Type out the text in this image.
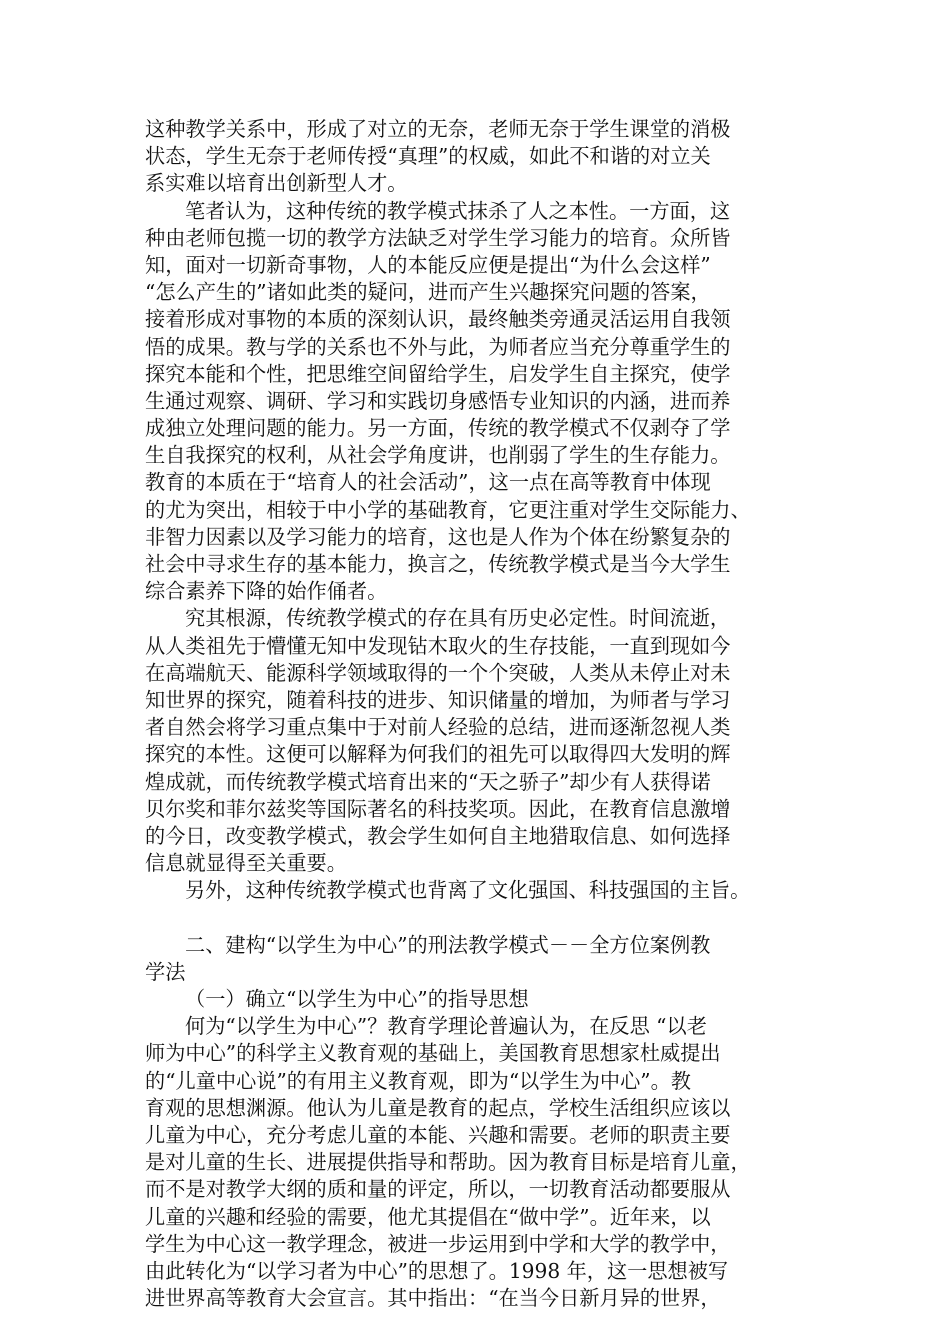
这种教学关系中，形成了对立的无奈，老师无奈于学生课堂的消极
状态，学生无奈于老师传授“真理”的权威，如此不和谐的对立关
系实难以培育出创新型人才。
笔者认为，这种传统的教学模式抹杀了人之本性。一方面，这
种由老师包揽一切的教学方法缺乏对学生学习能力的培育。众所皆
知，面对一切新奇事物，人的本能反应便是提出“为什么会这样”
“怎么产生的”诸如此类的疑问，进而产生兴趣探究问题的答案，
接着形成对事物的本质的深刻认识，最终触类旁通灵活运用自我领
悟的成果。教与学的关系也不外与此，为师者应当充分尊重学生的
探究本能和个性，把思维空间留给学生，启发学生自主探究，使学
生通过观察、调研、学习和实践切身感悟专业知识的内涵，进而养
成独立处理问题的能力。另一方面，传统的教学模式不仅剥夺了学
生自我探究的权利，从社会学角度讲，也削弱了学生的生存能力。
教育的本质在于“培育人的社会活动”，这一点在高等教育中体现
的尤为突出，相较于中小学的基础教育，它更注重对学生交际能力、
非智力因素以及学习能力的培育，这也是人作为个体在纷繁复杂的
社会中寻求生存的基本能力，换言之，传统教学模式是当今大学生
综合素养下降的始作俑者。
究其根源，传统教学模式的存在具有历史必定性。时间流逝，
从人类祖先于懵懂无知中发现钻木取火的生存技能，一直到现如今
在高端航天、能源科学领域取得的一个个突破，人类从未停止对未
知世界的探究，随着科技的进步、知识储量的增加，为师者与学习
者自然会将学习重点集中于对前人经验的总结，进而逐渐忽视人类
探究的本性。这便可以解释为何我们的祖先可以取得四大发明的辉
煌成就，而传统教学模式培育出来的“天之骄子”却少有人获得诺
贝尔奖和菲尔兹奖等国际著名的科技奖项。因此，在教育信息激增
的今日，改变教学模式，教会学生如何自主地猎取信息、如何选择
信息就显得至关重要。
另外，这种传统教学模式也背离了文化强国、科技强国的主旨。
二、建构“以学生为中心”的刑法教学模式－－全方位案例教
学法
（一）确立“以学生为中心”的指导思想
何为“以学生为中心”？教育学理论普遍认为，在反思 “以老
师为中心”的科学主义教育观的基础上，美国教育思想家杜威提出
的“儿童中心说”的有用主义教育观，即为“以学生为中心”。教
育观的思想渊源。他认为儿童是教育的起点，学校生活组织应该以
儿童为中心，充分考虑儿童的本能、兴趣和需要。老师的职责主要
是对儿童的生长、进展提供指导和帮助。因为教育目标是培育儿童，
而不是对教学大纲的质和量的评定，所以，一切教育活动都要服从
儿童的兴趣和经验的需要，他尤其提倡在“做中学”。近年来，以
学生为中心这一教学理念，被进一步运用到中学和大学的教学中，
由此转化为“以学习者为中心”的思想了。1998 年，这一思想被写
进世界高等教育大会宣言。其中指出：“在当今日新月异的世界，
